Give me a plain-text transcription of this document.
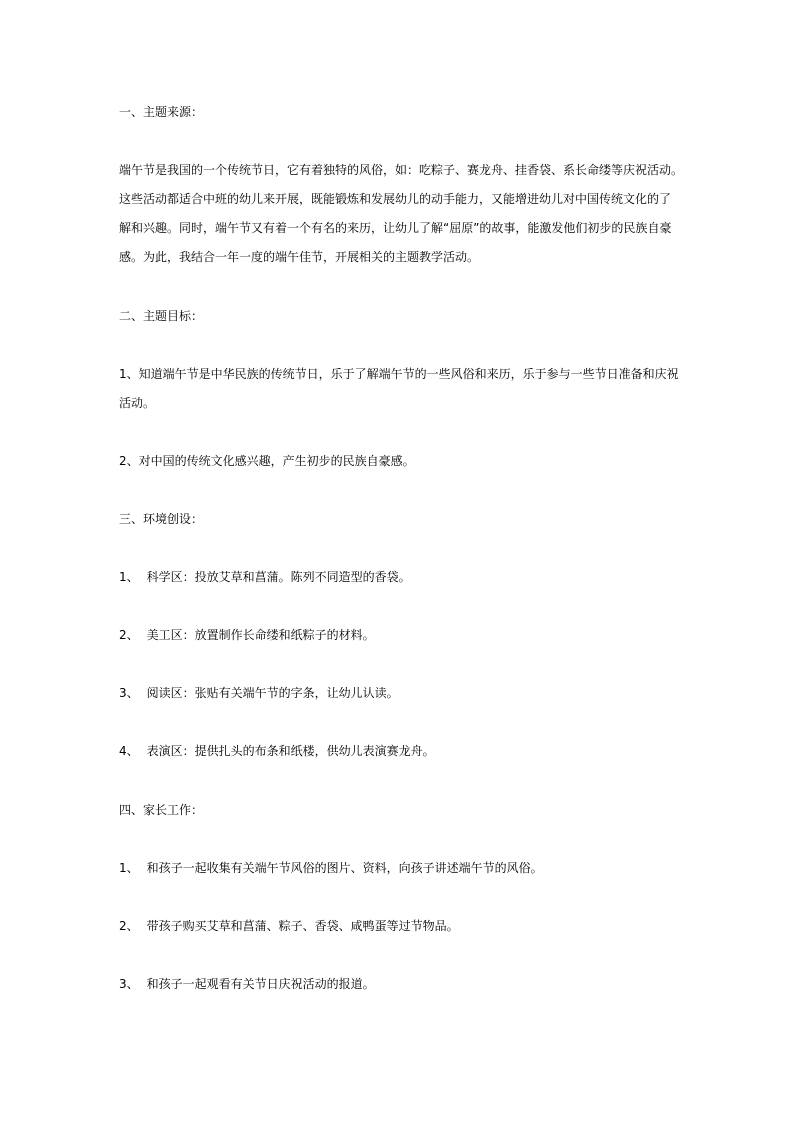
一、主题来源：
端午节是我国的一个传统节日，它有着独特的风俗，如：吃粽子、赛龙舟、挂香袋、系长命缕等庆祝活动。
这些活动都适合中班的幼儿来开展，既能锻炼和发展幼儿的动手能力，又能增进幼儿对中国传统文化的了
解和兴趣。同时，端午节又有着一个有名的来历，让幼儿了解“屈原”的故事，能激发他们初步的民族自豪
感。为此，我结合一年一度的端午佳节，开展相关的主题教学活动。
二、主题目标：
1、知道端午节是中华民族的传统节日，乐于了解端午节的一些风俗和来历，乐于参与一些节日准备和庆祝
活动。
2、对中国的传统文化感兴趣，产生初步的民族自豪感。
三、环境创设：
1、 科学区：投放艾草和菖蒲。陈列不同造型的香袋。
2、 美工区：放置制作长命缕和纸粽子的材料。
3、 阅读区：张贴有关端午节的字条，让幼儿认读。
4、 表演区：提供扎头的布条和纸楼，供幼儿表演赛龙舟。
四、家长工作：
1、 和孩子一起收集有关端午节风俗的图片、资料，向孩子讲述端午节的风俗。
2、 带孩子购买艾草和菖蒲、粽子、香袋、咸鸭蛋等过节物品。
3、 和孩子一起观看有关节日庆祝活动的报道。
